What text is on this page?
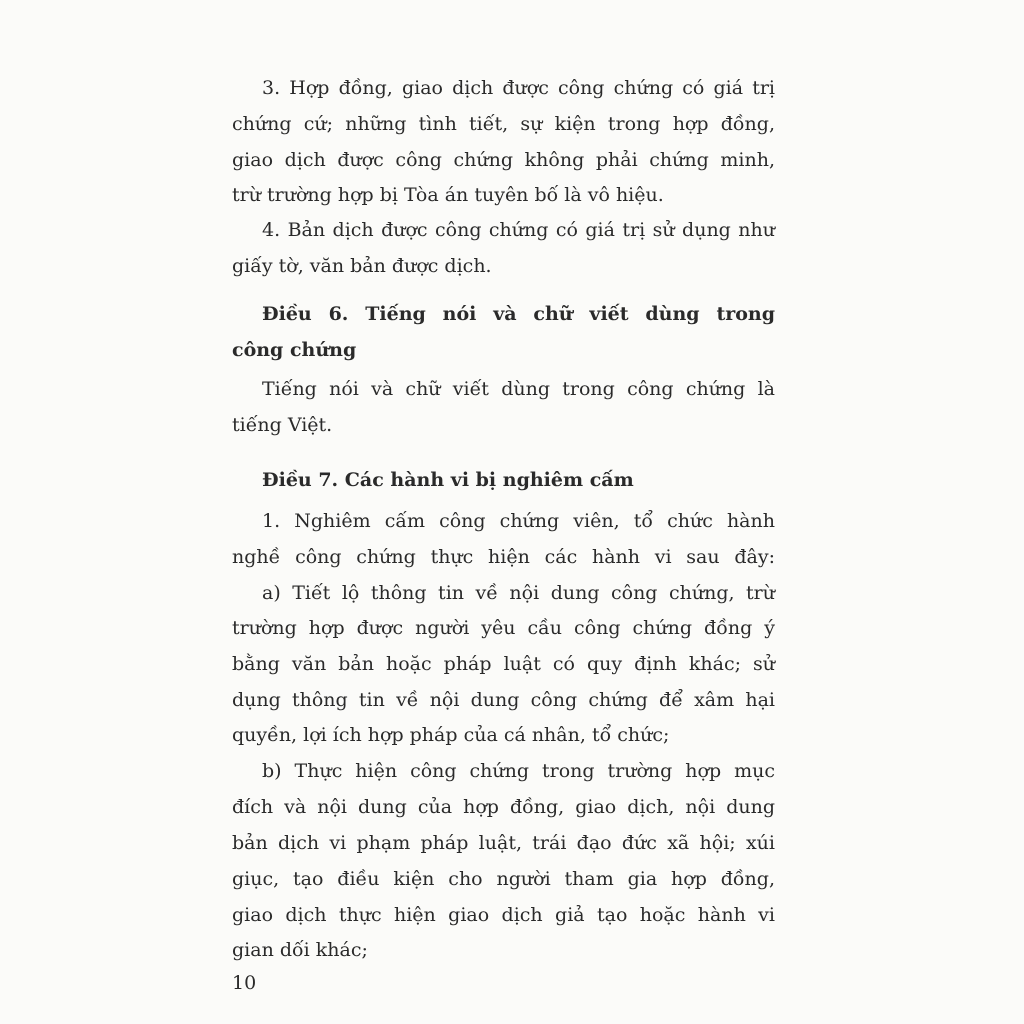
3. Hợp đồng, giao dịch được công chứng có giá trị
chứng cứ; những tình tiết, sự kiện trong hợp đồng,
giao dịch được công chứng không phải chứng minh,
trừ trường hợp bị Tòa án tuyên bố là vô hiệu.
4. Bản dịch được công chứng có giá trị sử dụng như
giấy tờ, văn bản được dịch.
Điều 6. Tiếng nói và chữ viết dùng trong
công chứng
Tiếng nói và chữ viết dùng trong công chứng là
tiếng Việt.
Điều 7. Các hành vi bị nghiêm cấm
1. Nghiêm cấm công chứng viên, tổ chức hành
nghề công chứng thực hiện các hành vi sau đây:
a) Tiết lộ thông tin về nội dung công chứng, trừ
trường hợp được người yêu cầu công chứng đồng ý
bằng văn bản hoặc pháp luật có quy định khác; sử
dụng thông tin về nội dung công chứng để xâm hại
quyền, lợi ích hợp pháp của cá nhân, tổ chức;
b) Thực hiện công chứng trong trường hợp mục
đích và nội dung của hợp đồng, giao dịch, nội dung
bản dịch vi phạm pháp luật, trái đạo đức xã hội; xúi
giục, tạo điều kiện cho người tham gia hợp đồng,
giao dịch thực hiện giao dịch giả tạo hoặc hành vi
gian dối khác;
10
